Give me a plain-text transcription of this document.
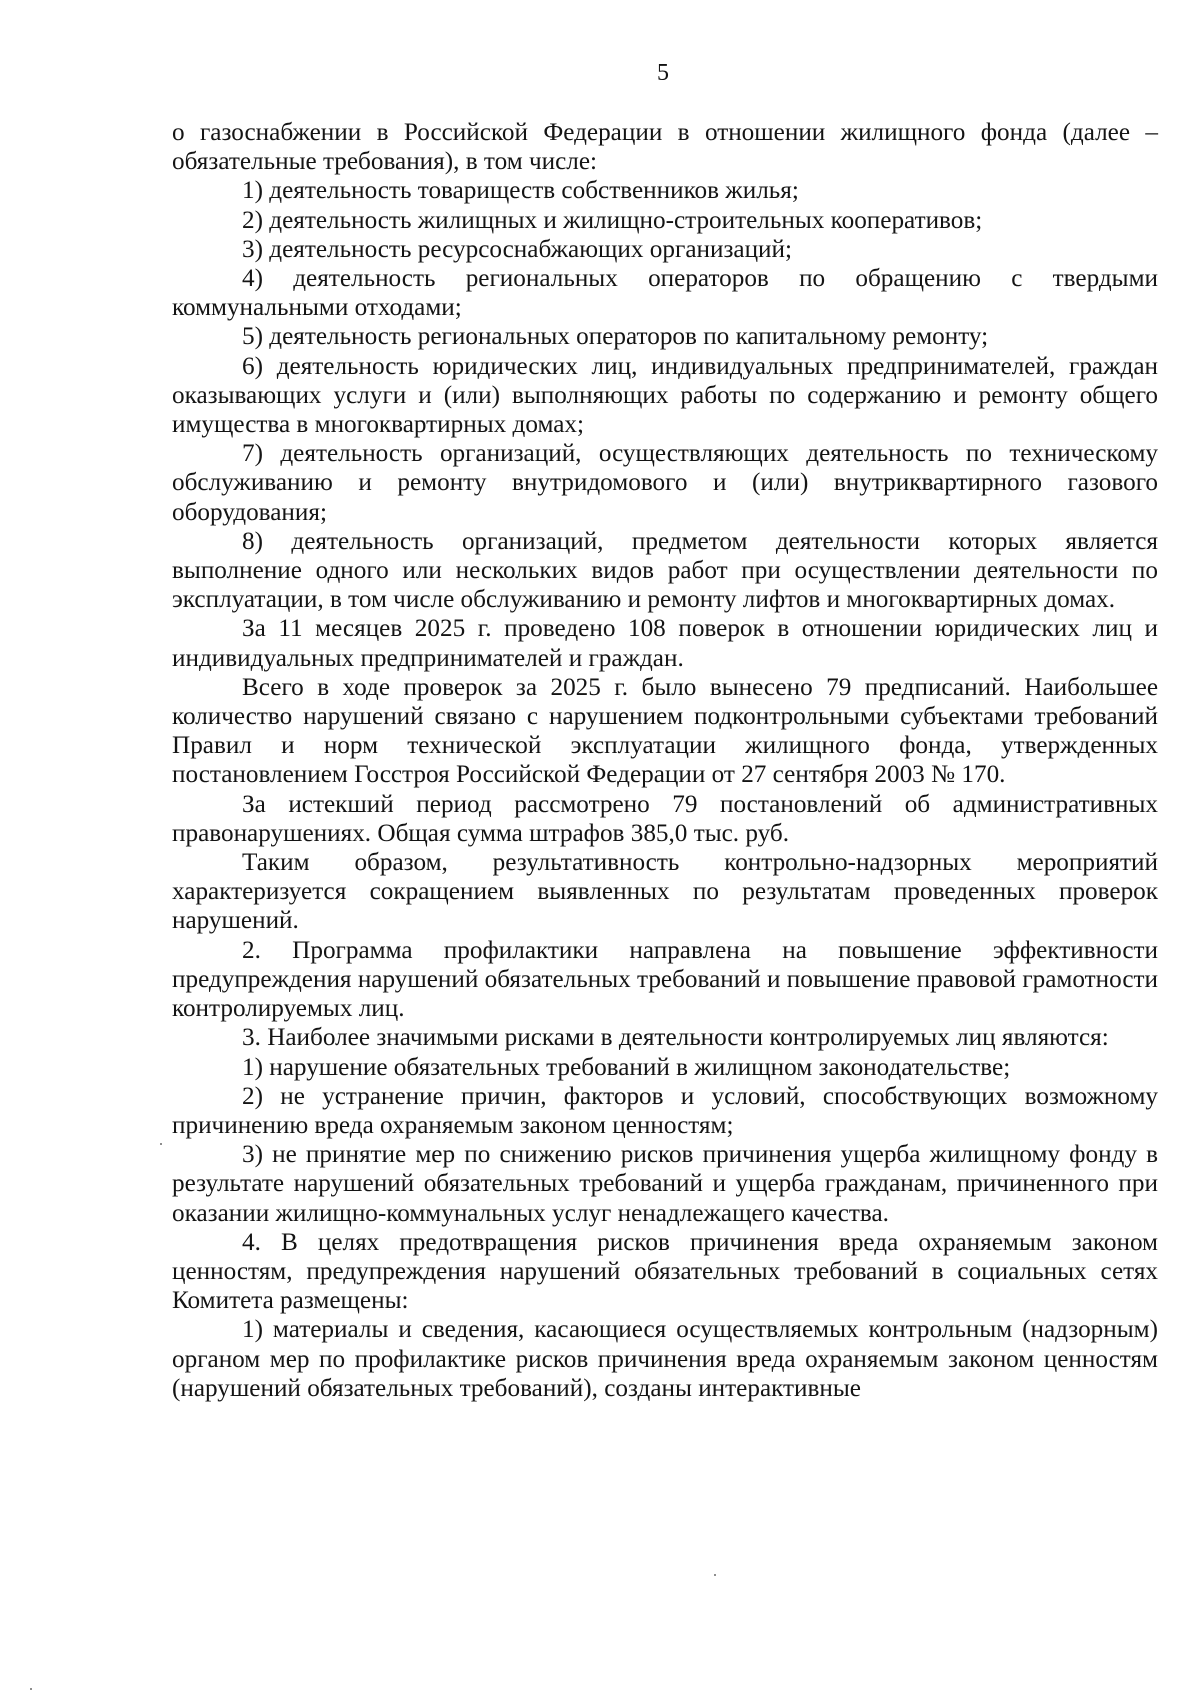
5

о газоснабжении в Российской Федерации в отношении жилищного фонда (далее – обязательные требования), в том числе:

1) деятельность товариществ собственников жилья;

2) деятельность жилищных и жилищно-строительных кооперативов;

3) деятельность ресурсоснабжающих организаций;

4) деятельность региональных операторов по обращению с твердыми коммунальными отходами;

5) деятельность региональных операторов по капитальному ремонту;

6) деятельность юридических лиц, индивидуальных предпринимателей, граждан оказывающих услуги и (или) выполняющих работы по содержанию и ремонту общего имущества в многоквартирных домах;

7) деятельность организаций, осуществляющих деятельность по техническому обслуживанию и ремонту внутридомового и (или) внутриквартирного газового оборудования;

8) деятельность организаций, предметом деятельности которых является выполнение одного или нескольких видов работ при осуществлении деятельности по эксплуатации, в том числе обслуживанию и ремонту лифтов и многоквартирных домах.

За 11 месяцев 2025 г. проведено 108 поверок в отношении юридических лиц и индивидуальных предпринимателей и граждан.

Всего в ходе проверок за 2025 г. было вынесено 79 предписаний. Наибольшее количество нарушений связано с нарушением подконтрольными субъектами требований Правил и норм технической эксплуатации жилищного фонда, утвержденных постановлением Госстроя Российской Федерации от 27 сентября 2003 № 170.

За истекший период рассмотрено 79 постановлений об административных правонарушениях. Общая сумма штрафов 385,0 тыс. руб.

Таким образом, результативность контрольно-надзорных мероприятий характеризуется сокращением выявленных по результатам проведенных проверок нарушений.

2. Программа профилактики направлена на повышение эффективности предупреждения нарушений обязательных требований и повышение правовой грамотности контролируемых лиц.

3. Наиболее значимыми рисками в деятельности контролируемых лиц являются:

1) нарушение обязательных требований в жилищном законодательстве;

2) не устранение причин, факторов и условий, способствующих возможному причинению вреда охраняемым законом ценностям;

3) не принятие мер по снижению рисков причинения ущерба жилищному фонду в результате нарушений обязательных требований и ущерба гражданам, причиненного при оказании жилищно-коммунальных услуг ненадлежащего качества.

4. В целях предотвращения рисков причинения вреда охраняемым законом ценностям, предупреждения нарушений обязательных требований в социальных сетях Комитета размещены:

1) материалы и сведения, касающиеся осуществляемых контрольным (надзорным) органом мер по профилактике рисков причинения вреда охраняемым законом ценностям (нарушений обязательных требований), созданы интерактивные
